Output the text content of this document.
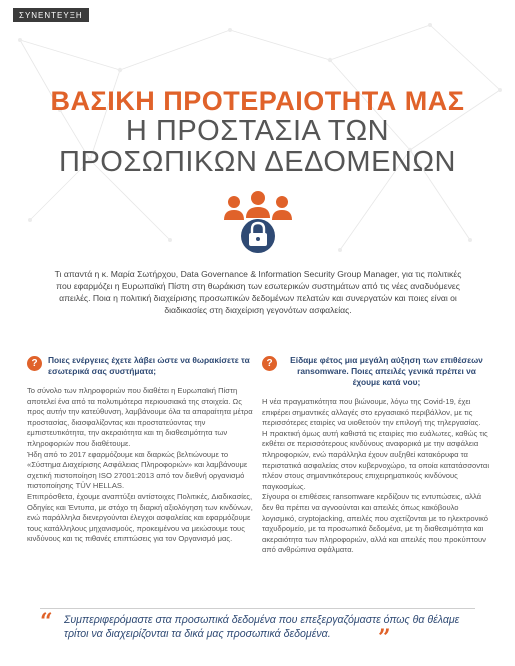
ΣΥΝΕΝΤΕΥΞΗ
ΒΑΣΙΚΗ ΠΡΟΤΕΡΑΙΟΤΗΤΑ ΜΑΣ
Η ΠΡΟΣΤΑΣΙΑ ΤΩΝ
ΠΡΟΣΩΠΙΚΩΝ ΔΕΔΟΜΕΝΩΝ
Τι απαντά η κ. Μαρία Σωτήρχου, Data Governance & Information Security Group Manager, για τις πολιτικές που εφαρμόζει η Ευρωπαϊκή Πίστη στη θωράκιση των εσωτερικών συστημάτων από τις νέες αναδυόμενες απειλές. Ποια η πολιτική διαχείρισης προσωπικών δεδομένων πελατών και συνεργατών και ποιες είναι οι διαδικασίες στη διαχείριση γεγονότων ασφαλείας.
?	Ποιες ενέργειες έχετε λάβει ώστε να θωρακίσετε τα εσωτερικά σας συστήματα;

Το σύνολο των πληροφοριών που διαθέτει η Ευρωπαϊκή Πίστη αποτελεί ένα από τα πολυτιμότερα περιουσιακά της στοιχεία. Ως προς αυτήν την κατεύθυνση, λαμβάνουμε όλα τα απαραίτητα μέτρα προστασίας, διασφαλίζοντας και προστατεύοντας την εμπιστευτικότητα, την ακεραιότητα και τη διαθεσιμότητα των πληροφοριών που διαθέτουμε.

Ήδη από το 2017 εφαρμόζουμε και διαρκώς βελτιώνουμε το «Σύστημα Διαχείρισης Ασφάλειας Πληροφοριών» και λαμβάνουμε σχετική πιστοποίηση ISO 27001:2013 από τον διεθνή οργανισμό πιστοποίησης TÜV HELLAS.

Επιπρόσθετα, έχουμε αναπτύξει αντίστοιχες Πολιτικές, Διαδικασίες, Οδηγίες και Έντυπα, με στόχο τη διαρκή αξιολόγηση των κινδύνων, ενώ παράλληλα διενεργούνται έλεγχοι ασφαλείας και εφαρμόζουμε τους κατάλληλους μηχανισμούς, προκειμένου να μειώσουμε τους κινδύνους και τις πιθανές επιπτώσεις για τον Οργανισμό μας.

?	Είδαμε φέτος μια μεγάλη αύξηση των επιθέσεων ransomware. Ποιες απειλές γενικά πρέπει να έχουμε κατά νου;

Η νέα πραγματικότητα που βιώνουμε, λόγω της Covid-19, έχει επιφέρει σημαντικές αλλαγές στο εργασιακό περιβάλλον, με τις περισσότερες εταιρίες να υιοθετούν την επιλογή της τηλεργασίας.

Η πρακτική όμως αυτή καθιστά τις εταιρίες πιο ευάλωτες, καθώς τις εκθέτει σε περισσότερους κινδύνους αναφορικά με την ασφάλεια πληροφοριών, ενώ παράλληλα έχουν αυξηθεί κατακόρυφα τα περιστατικά ασφαλείας στον κυβερνοχώρο, τα οποία κατατάσσονται πλέον στους σημαντικότερους επιχειρηματικούς κινδύνους παγκοσμίως.

Σίγουρα οι επιθέσεις ransomware κερδίζουν τις εντυπώσεις, αλλά δεν θα πρέπει να αγνοούνται και απειλές όπως κακόβουλο λογισμικό, cryptojacking, απειλές που σχετίζονται με το ηλεκτρονικό ταχυδρομείο, με τα προσωπικά δεδομένα, με τη διαθεσιμότητα και ακεραιότητα των πληροφοριών, αλλά και απειλές που προκύπτουν από ανθρώπινα σφάλματα.

“ Συμπεριφερόμαστε στα προσωπικά δεδομένα που επεξεργαζόμαστε όπως θα θέλαμε τρίτοι να διαχειρίζονται τα δικά μας προσωπικά δεδομένα.	”
